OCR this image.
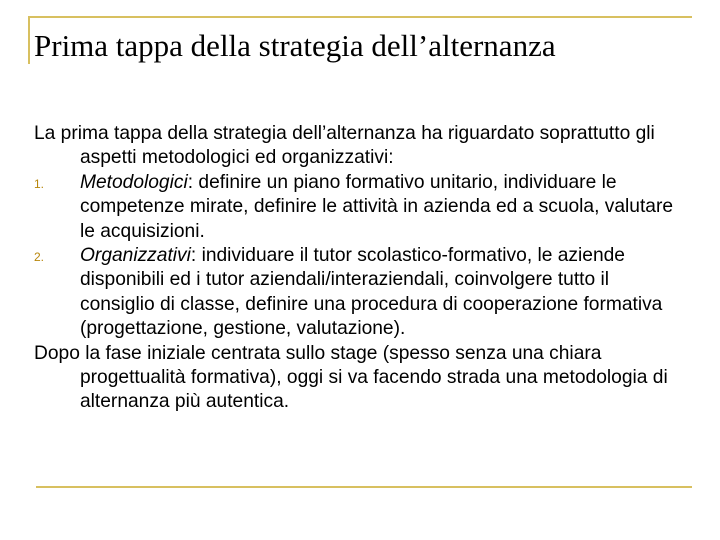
Prima tappa della strategia dell’alternanza

La prima tappa della strategia dell’alternanza ha riguardato soprattutto gli aspetti metodologici ed organizzativi:

1. Metodologici: definire un piano formativo unitario, individuare le competenze mirate, definire le attività in azienda ed a scuola, valutare le acquisizioni.
2. Organizzativi: individuare il tutor scolastico-formativo, le aziende disponibili ed i tutor aziendali/interaziendali, coinvolgere tutto il consiglio di classe, definire una procedura di cooperazione formativa (progettazione, gestione, valutazione).

Dopo la fase iniziale centrata sullo stage (spesso senza una chiara progettualità formativa), oggi si va facendo strada una metodologia di alternanza più autentica.
